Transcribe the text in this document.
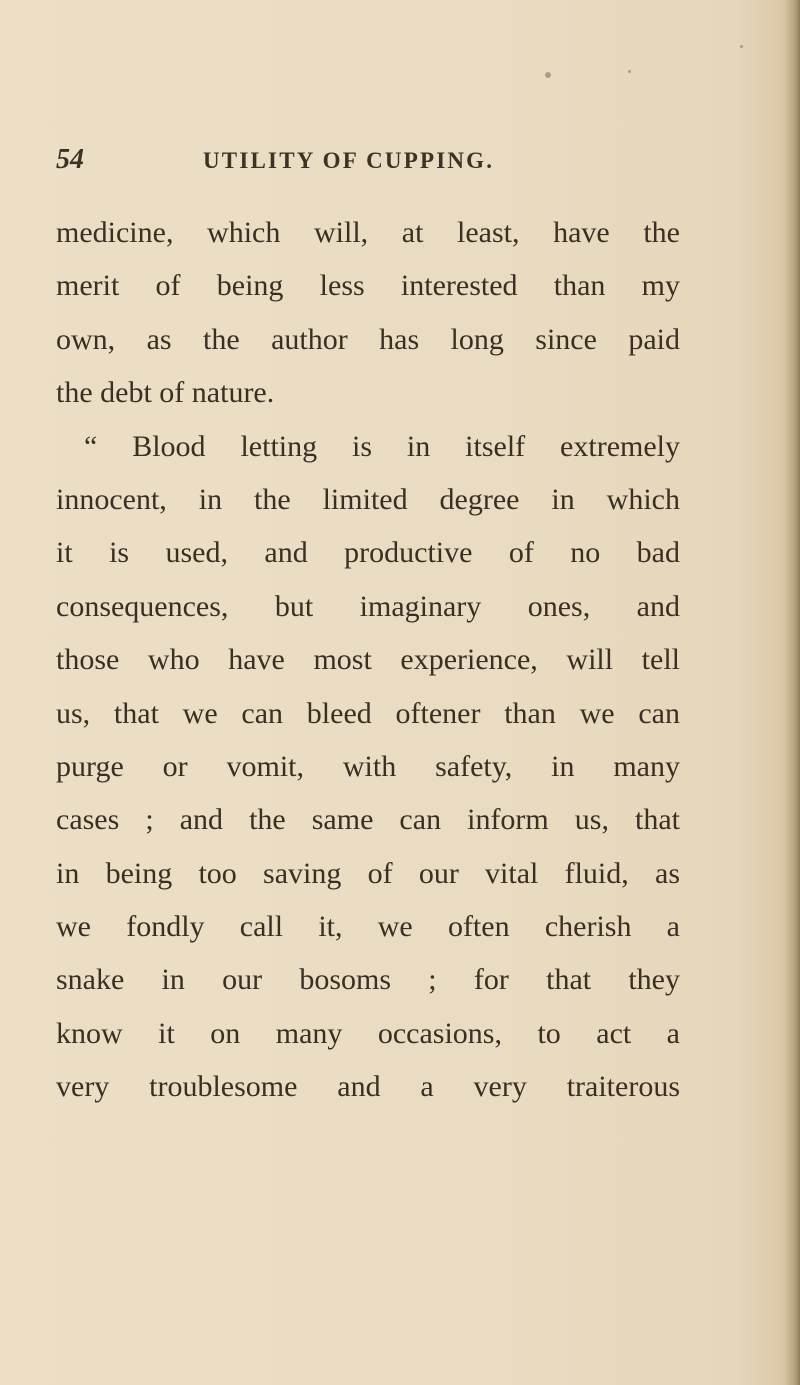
54	UTILITY OF CUPPING.
medicine, which will, at least, have the
merit of being less interested than my
own, as the author has long since paid
the debt of nature.
“ Blood letting is in itself extremely
innocent, in the limited degree in which
it is used, and productive of no bad
consequences, but imaginary ones, and
those who have most experience, will tell
us, that we can bleed oftener than we can
purge or vomit, with safety, in many
cases ; and the same can inform us, that
in being too saving of our vital fluid, as
we fondly call it, we often cherish a
snake in our bosoms ; for that they
know it on many occasions, to act a
very troublesome and a very traiterous
